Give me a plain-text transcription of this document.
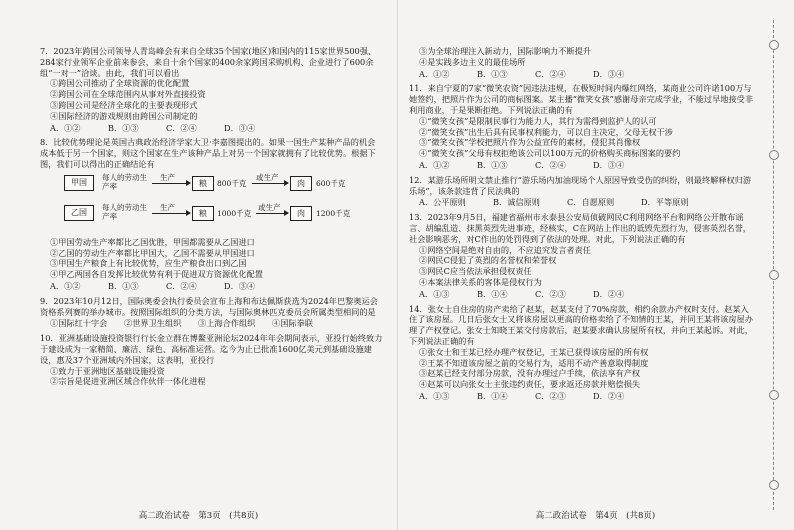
7．2023年跨国公司领导人青岛峰会有来自全球35个国家(地区)和国内的115家世界500强、284家行业领军企业前来参会，来自十余个国家的400余家跨国采购机构、企业进行了600余组“一对一”洽谈。由此，我们可以看出

①跨国公司推动了全球资源的优化配置

②跨国公司在全球范围内从事对外直接投资

③跨国公司是经济全球化的主要表现形式

④国际经济的游戏规则由跨国公司制定的

A．①②	B．①③	C．②④	D．③④

8．比较优势理论是英国古典政治经济学家大卫·李嘉图提出的。如果一国生产某种产品的机会成本低于另一个国家，则这个国家在生产该种产品上对另一个国家就拥有了比较优势。根据下图，我们可以得出的正确结论有

甲国
每人的劳动生产率
生产
粮	800千克
或生产
肉	600千克
乙国
每人的劳动生产率
生产
粮	1000千克
或生产
肉	1200千克

①甲国劳动生产率都比乙国优胜，甲国都需要从乙国进口

②乙国的劳动生产率都比甲国大，乙国不需要从甲国进口

③甲国生产粮食上有比较优势，应生产粮食出口到乙国

④甲乙两国各自发挥比较优势有利于促进双方资源优化配置

A．①②	B．①③	C．②④	D．③④

9．2023年10月12日，国际奥委会执行委员会宣布上海和布达佩斯获选为2024年巴黎奥运会资格系列赛的举办城市。按照国际组织的分类方法，与国际奥林匹克委员会所属类型相同的是

①国际红十字会	②世界卫生组织	③上海合作组织	④国际拳联

10．亚洲基础设施投资银行行长金立群在博鳌亚洲论坛2024年年会期间表示，亚投行始终致力于建设成为一家精简、廉洁、绿色、高标准运营。迄今为止已批准1600亿美元到基础设施建设，惠及37个亚洲域内外国家，这表明，亚投行

①致力于亚洲地区基础设施投资

②宗旨是促进亚洲区域合作伙伴一体化进程

高二政治试卷　第3页　(共8页)

③为全球治理注入新动力，国际影响力不断提升

④是实践多边主义的最佳场所

A．①②	B．①③	C．②④	D．③④

11．来自宁夏的7家“微笑农资”因违法违规，在极短时间内爆红网络，某商业公司许诺100万与她签约，把照片作为公司的商标图案。某主播“微笑女孩”感谢母亲完成学业，不能过早地接受非利用商业，于是果断拒绝。下列说法正确的有

①“微笑女孩”是限制民事行为能力人，其行为需得到监护人的认可

②“微笑女孩”出生后具有民事权利能力，可以自主决定，父母无权干涉

③“微笑女孩”学校把照片作为公益宣传的素材，侵犯其肖像权

④“微笑女孩”父母有权拒绝该公司以100万元的价格购买商标图案的要约

A．①②	B．①③	C．②④	D．③④

12．某游乐场所明文禁止推行“游乐场内加油现场个人原因导致受伤的纠纷，则最终解释权归游乐场”，该条款违背了民法典的

A．公平原则	B．诚信原则	C．自愿原则	D．平等原则

13．2023年9月5日，福建省福州市永泰县公安局侦破网民C利用网络平台和网络公开散布谣言、胡编乱造、抹黑英烈先进事迹，经核实，C在网站上作出的诋毁先烈行为，侵害英烈名誉，社会影响恶劣，对C作出的处罚得到了依法的处理。对此，下列说法正确的有

①网络空间是绝对自由的，不应追究发言者责任

②网民C侵犯了英烈的名誉权和荣誉权

③网民C应当依法承担侵权责任

④本案法律关系的客体是侵权行为

A．①③	B．①④	C．②③	D．②④

14．张女士自住房的房产卖给了赵某，赵某支付了70%房款，相约余款办产权时支付。赵某入住了该房屋。几日后张女士又将该房屋以更高的价格卖给了不知情的王某，并同王某将该房屋办理了产权登记。张女士知晓王某交付房款后，赵某要求确认房屋所有权，并向王某起诉。对此，下列说法正确的有

①张女士和王某已经办理产权登记，王某已获得该房屋的所有权

②王某不知道该房屋之前的交易行为，适用不动产善意取得制度

③赵某已经支付部分房款，没有办理过户手续，依法享有产权

④赵某可以向张女士主张违约责任，要求返还房款并赔偿损失

A．①③	B．①④	C．②③	D．②④
高二政治试卷　第4页　(共8页)
